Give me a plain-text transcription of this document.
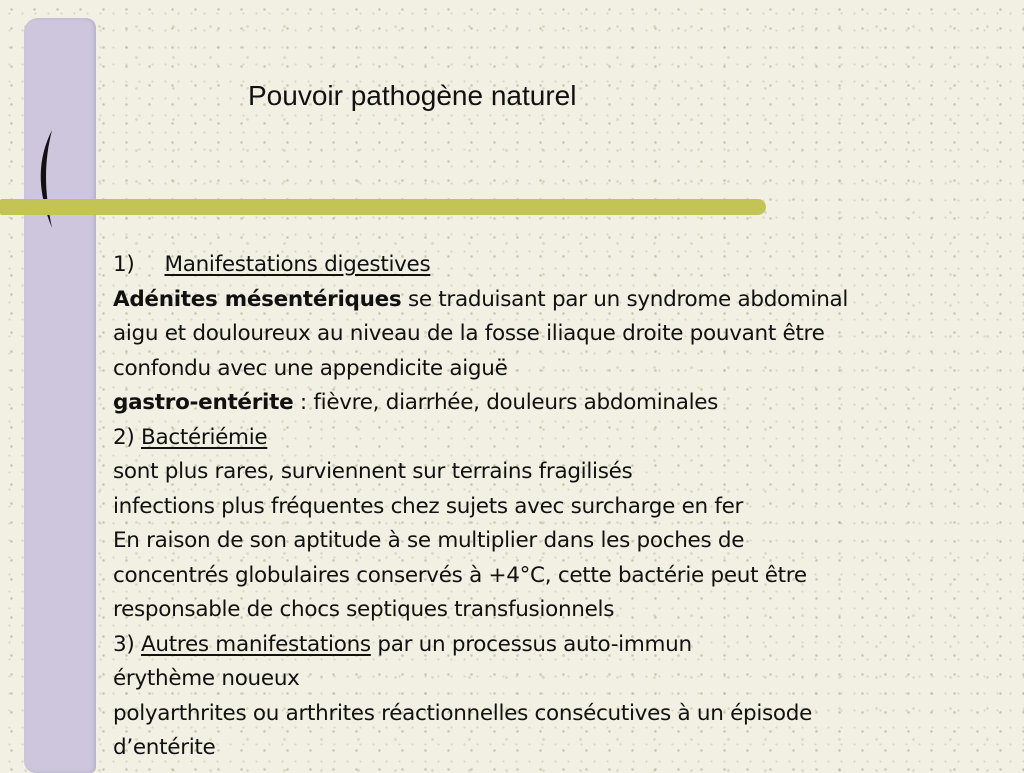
Pouvoir pathogène naturel
1) Manifestations digestives
Adénites mésentériques se traduisant par un syndrome abdominal
aigu et douloureux au niveau de la fosse iliaque droite pouvant être
confondu avec une appendicite aiguë
gastro-entérite : fièvre, diarrhée, douleurs abdominales
2) Bactériémie
sont plus rares, surviennent sur terrains fragilisés
infections plus fréquentes chez sujets avec surcharge en fer
En raison de son aptitude à se multiplier dans les poches de
concentrés globulaires conservés à +4°C, cette bactérie peut être
responsable de chocs septiques transfusionnels
3) Autres manifestations par un processus auto-immun
érythème noueux
polyarthrites ou arthrites réactionnelles consécutives à un épisode
d’entérite
